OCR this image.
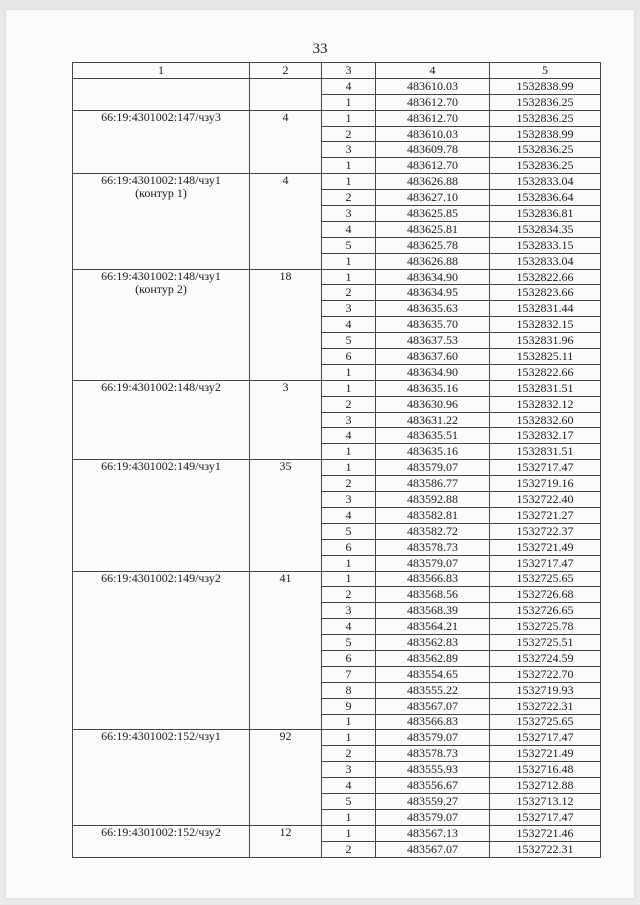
33
1	2	3	4	5

		4	483610.03	1532838.99
		1	483612.70	1532836.25

66:19:4301002:147/чзу3	4	1	483612.70	1532836.25
		2	483610.03	1532838.99
		3	483609.78	1532836.25
		1	483612.70	1532836.25

66:19:4301002:148/чзу1
(контур 1)	4	1	483626.88	1532833.04
		2	483627.10	1532836.64
		3	483625.85	1532836.81
		4	483625.81	1532834.35
		5	483625.78	1532833.15
		1	483626.88	1532833.04

66:19:4301002:148/чзу1
(контур 2)	18	1	483634.90	1532822.66
		2	483634.95	1532823.66
		3	483635.63	1532831.44
		4	483635.70	1532832.15
		5	483637.53	1532831.96
		6	483637.60	1532825.11
		1	483634.90	1532822.66

66:19:4301002:148/чзу2	3	1	483635.16	1532831.51
		2	483630.96	1532832.12
		3	483631.22	1532832.60
		4	483635.51	1532832.17
		1	483635.16	1532831.51

66:19:4301002:149/чзу1	35	1	483579.07	1532717.47
		2	483586.77	1532719.16
		3	483592.88	1532722.40
		4	483582.81	1532721.27
		5	483582.72	1532722.37
		6	483578.73	1532721.49
		1	483579.07	1532717.47

66:19:4301002:149/чзу2	41	1	483566.83	1532725.65
		2	483568.56	1532726.68
		3	483568.39	1532726.65
		4	483564.21	1532725.78
		5	483562.83	1532725.51
		6	483562.89	1532724.59
		7	483554.65	1532722.70
		8	483555.22	1532719.93
		9	483567.07	1532722.31
		1	483566.83	1532725.65

66:19:4301002:152/чзу1	92	1	483579.07	1532717.47
		2	483578.73	1532721.49
		3	483555.93	1532716.48
		4	483556.67	1532712.88
		5	483559.27	1532713.12
		1	483579.07	1532717.47

66:19:4301002:152/чзу2	12	1	483567.13	1532721.46
		2	483567.07	1532722.31
